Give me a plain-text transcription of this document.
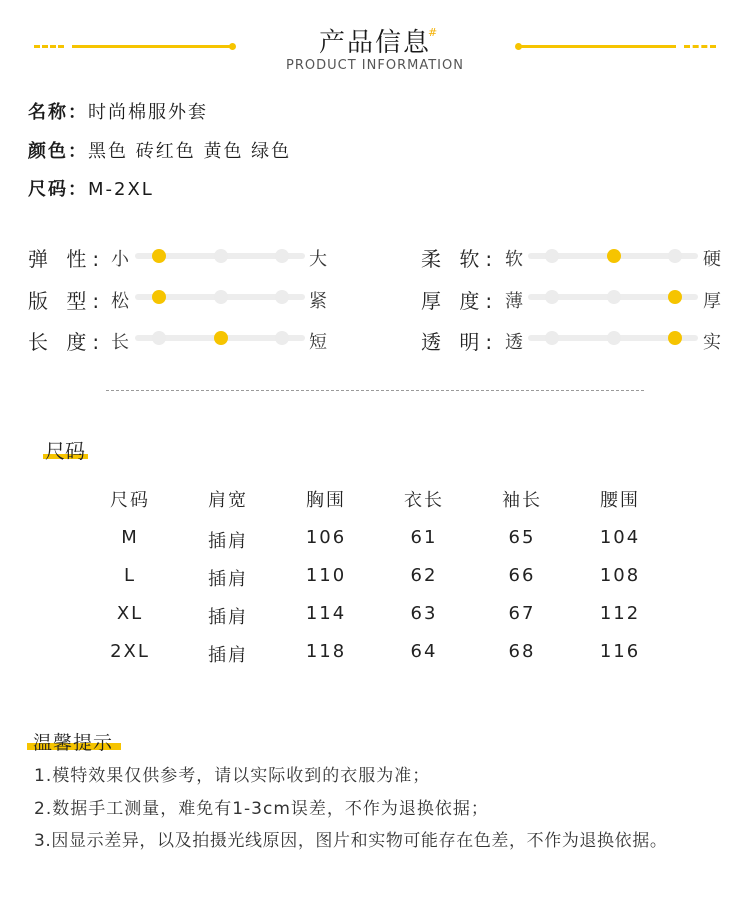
产品信息
#
PRODUCT INFORMATION
名称：时尚棉服外套
颜色：黑色 砖红色 黄色 绿色
尺码：M-2XL
弹 性: 小	大
版 型: 松	紧
长 度: 长	短
柔 软: 软	硬
厚 度: 薄	厚
透 明: 透	实
尺码
尺码	肩宽	胸围	衣长	袖长	腰围
M	插肩	106	61	65	104
L	插肩	110	62	66	108
XL	插肩	114	63	67	112
2XL	插肩	118	64	68	116
温馨提示
1.模特效果仅供参考，请以实际收到的衣服为准；
2.数据手工测量，难免有1-3cm误差，不作为退换依据；
3.因显示差异，以及拍摄光线原因，图片和实物可能存在色差，不作为退换依据。
